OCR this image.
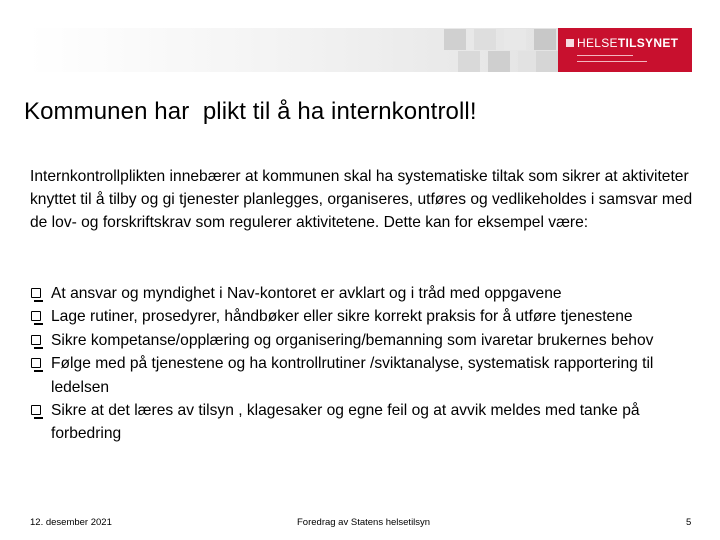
HELSETILSYNET
Kommunen har  plikt til å ha internkontroll!

Internkontrollplikten innebærer at kommunen skal ha systematiske tiltak som sikrer at aktiviteter knyttet til å tilby og gi tjenester planlegges, organiseres, utføres og vedlikeholdes i samsvar med de lov- og forskriftskrav som regulerer aktivitetene. Dette kan for eksempel være:

At ansvar og myndighet i Nav-kontoret er avklart og i tråd med oppgavene
Lage rutiner, prosedyrer, håndbøker eller sikre korrekt praksis for å utføre tjenestene
Sikre kompetanse/opplæring og organisering/bemanning som ivaretar brukernes behov
Følge med på tjenestene og ha kontrollrutiner /sviktanalyse, systematisk rapportering til ledelsen
Sikre at det læres av tilsyn , klagesaker og egne feil og at avvik meldes med tanke på forbedring
12. desember 2021	Foredrag av Statens helsetilsyn	5
